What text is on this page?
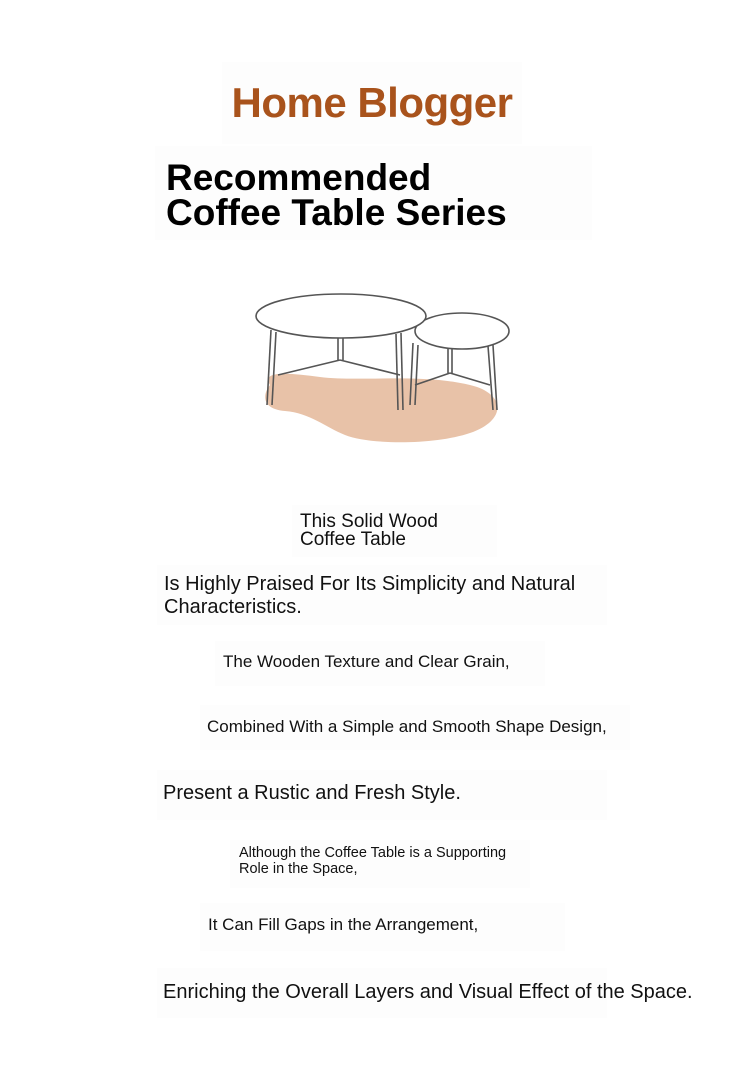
Home Blogger
Recommended
Coffee Table Series
This Solid Wood
Coffee Table
Is Highly Praised For Its Simplicity and Natural Characteristics.
The Wooden Texture and Clear Grain,
Combined With a Simple and Smooth Shape Design,
Present a Rustic and Fresh Style.
Although the Coffee Table is a Supporting
Role in the Space,
It Can Fill Gaps in the Arrangement,
Enriching the Overall Layers and Visual Effect of the Space.
